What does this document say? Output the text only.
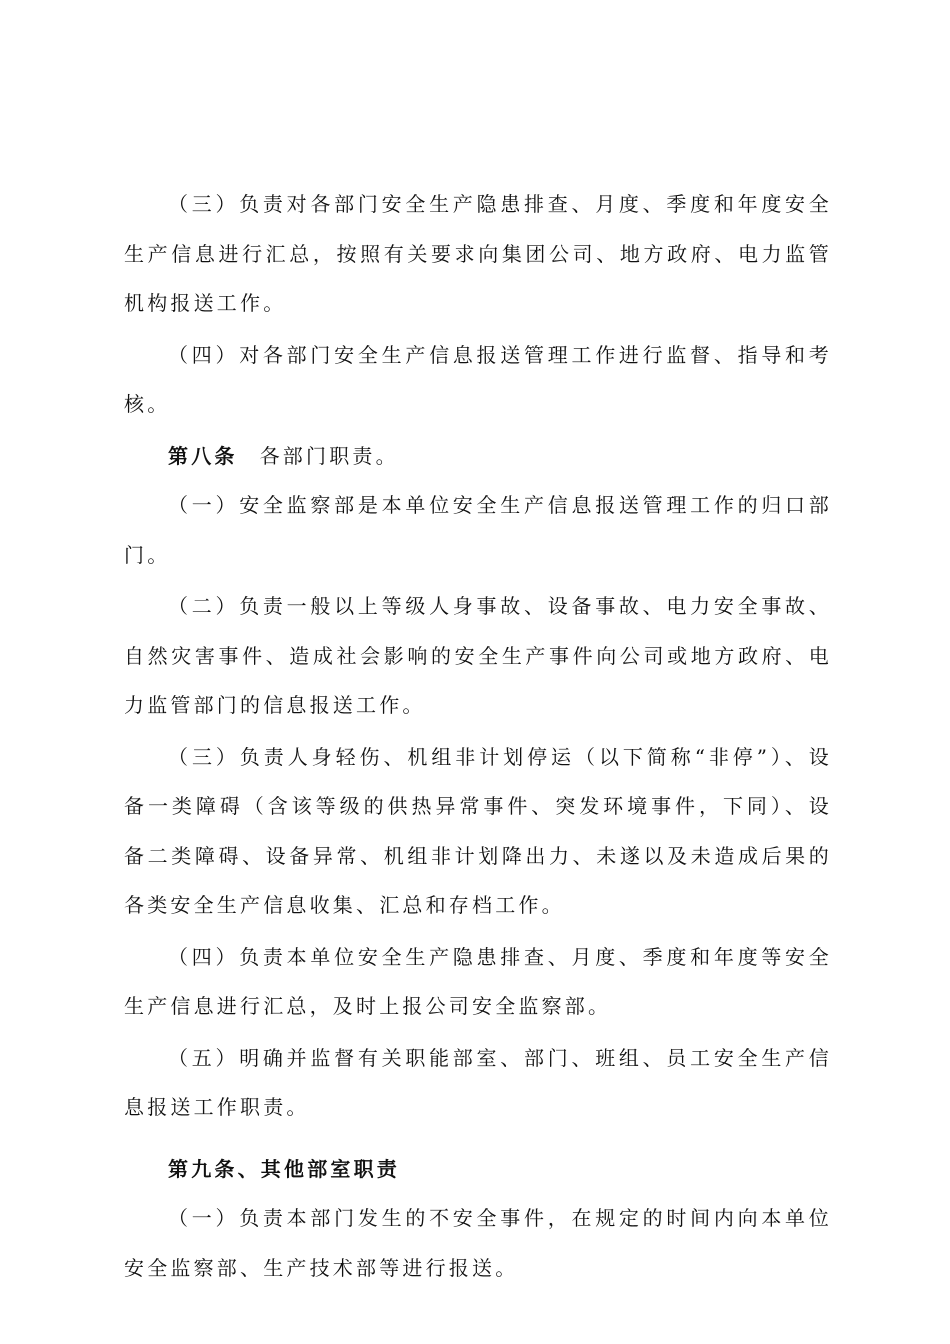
（三）负责对各部门安全生产隐患排查、月度、季度和年度安全生产信息进行汇总，按照有关要求向集团公司、地方政府、电力监管机构报送工作。

（四）对各部门安全生产信息报送管理工作进行监督、指导和考核。

第八条 各部门职责。

（一）安全监察部是本单位安全生产信息报送管理工作的归口部门。

（二）负责一般以上等级人身事故、设备事故、电力安全事故、自然灾害事件、造成社会影响的安全生产事件向公司或地方政府、电力监管部门的信息报送工作。

（三）负责人身轻伤、机组非计划停运（以下简称“非停”）、设备一类障碍（含该等级的供热异常事件、突发环境事件，下同）、设备二类障碍、设备异常、机组非计划降出力、未遂以及未造成后果的各类安全生产信息收集、汇总和存档工作。

（四）负责本单位安全生产隐患排查、月度、季度和年度等安全生产信息进行汇总，及时上报公司安全监察部。

（五）明确并监督有关职能部室、部门、班组、员工安全生产信息报送工作职责。

第九条、其他部室职责

（一）负责本部门发生的不安全事件，在规定的时间内向本单位安全监察部、生产技术部等进行报送。
